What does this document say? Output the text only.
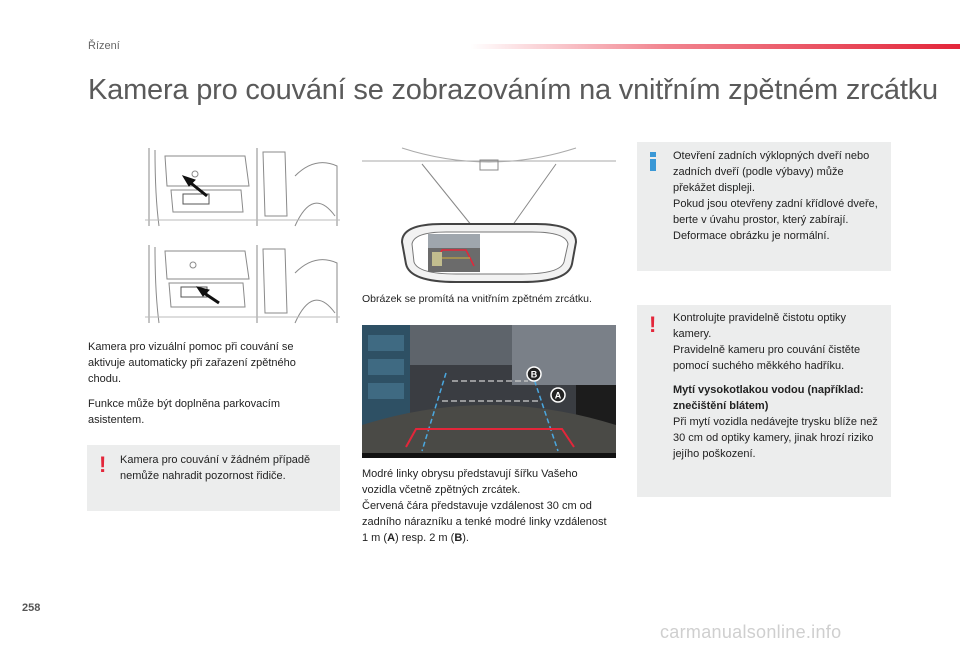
Řízení
Kamera pro couvání se zobrazováním na vnitřním zpětném zrcátku
Kamera pro vizuální pomoc při couvání se aktivuje automaticky při zařazení zpětného chodu.
Funkce může být doplněna parkovacím asistentem.
! Kamera pro couvání v žádném případě nemůže nahradit pozornost řidiče.
Obrázek se promítá na vnitřním zpětném zrcátku.
B
A
Modré linky obrysu představují šířku Vašeho vozidla včetně zpětných zrcátek.
Červená čára představuje vzdálenost 30 cm od zadního nárazníku a tenké modré linky vzdálenost 1 m (A) resp. 2 m (B).
Otevření zadních výklopných dveří nebo zadních dveří (podle výbavy) může překážet displeji.
Pokud jsou otevřeny zadní křídlové dveře, berte v úvahu prostor, který zabírají.
Deformace obrázku je normální.
! Kontrolujte pravidelně čistotu optiky kamery.
Pravidelně kameru pro couvání čistěte pomocí suchého měkkého hadříku.
Mytí vysokotlakou vodou (například: znečištění blátem)
Při mytí vozidla nedávejte trysku blíže než 30 cm od optiky kamery, jinak hrozí riziko jejího poškození.
258
carmanualsonline.info
